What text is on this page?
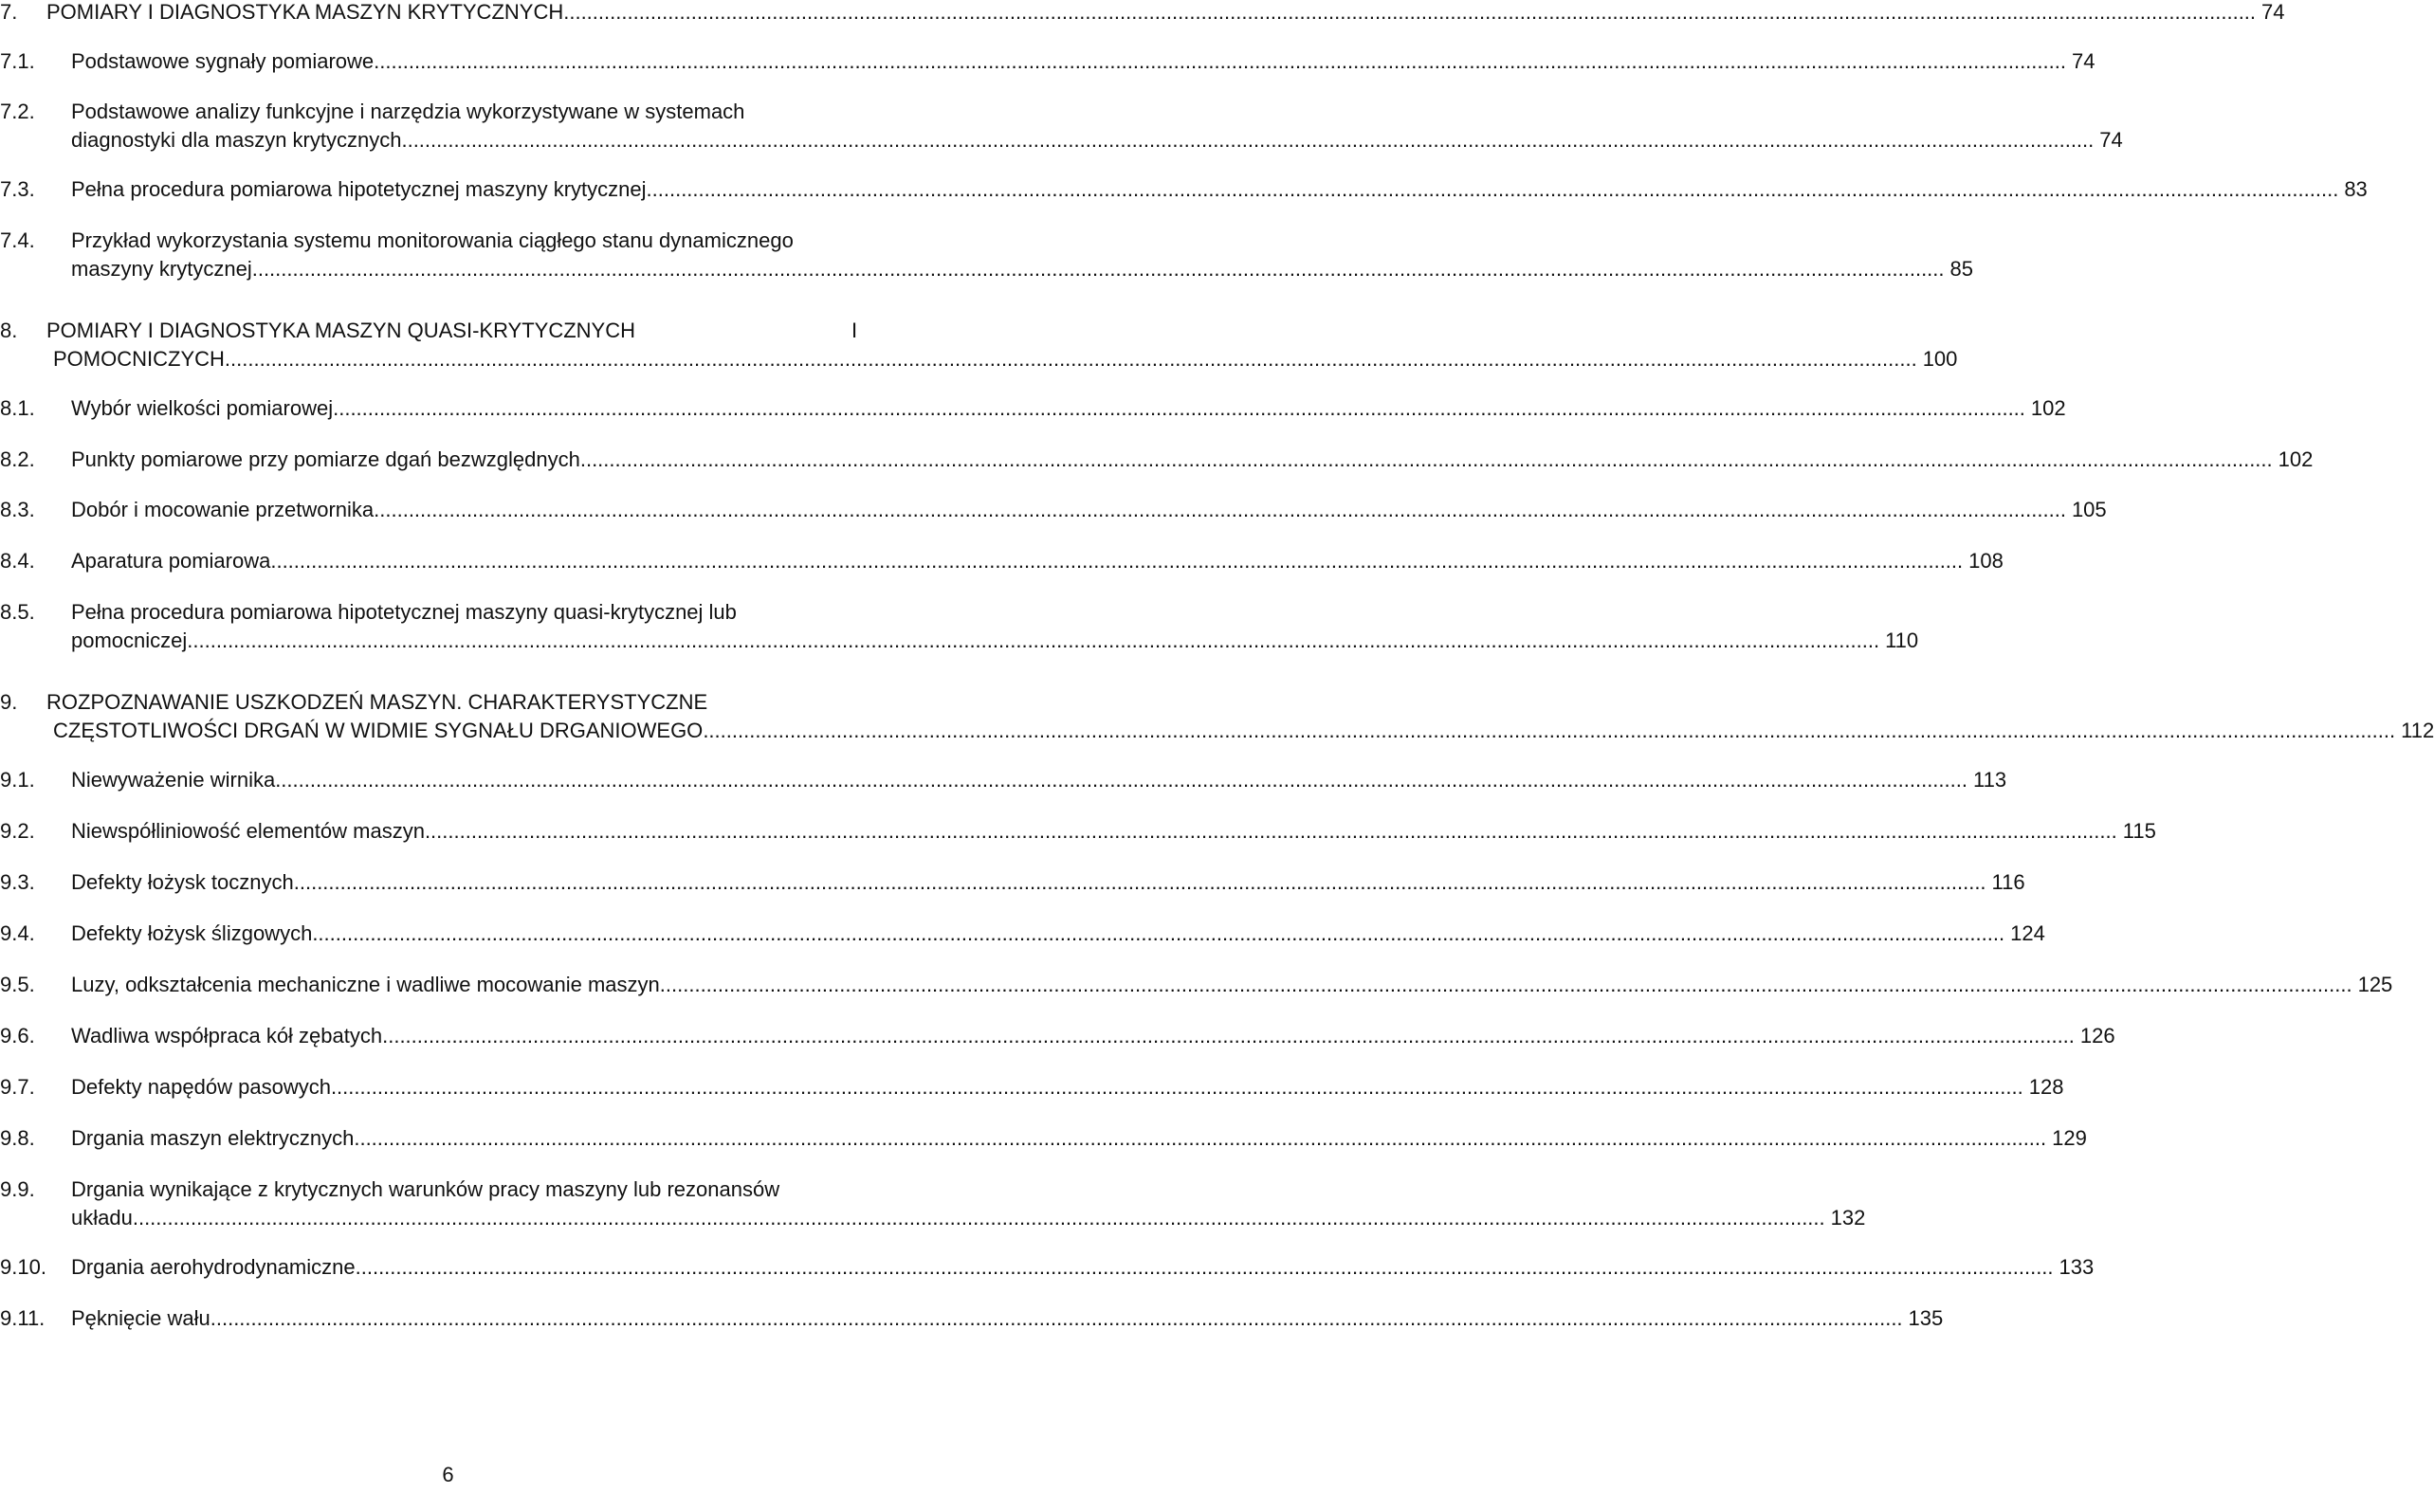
7.	POMIARY I DIAGNOSTYKA MASZYN KRYTYCZNYCH .....	74
7.1.	Podstawowe sygnały pomiarowe .....	74
7.2.	Podstawowe analizy funkcyjne i narzędzia wykorzystywane w systemach
diagnostyki dla maszyn krytycznych .....	74
7.3.	Pełna procedura pomiarowa hipotetycznej maszyny krytycznej .....	83
7.4.	Przykład wykorzystania systemu monitorowania ciągłego stanu dynamicznego
maszyny krytycznej .....	85
8.	POMIARY I DIAGNOSTYKA MASZYN QUASI-KRYTYCZNYCH	I
POMOCNICZYCH .....	100
8.1.	Wybór wielkości pomiarowej .....	102
8.2.	Punkty pomiarowe przy pomiarze dgań bezwzględnych .....	102
8.3.	Dobór i mocowanie przetwornika .....	105
8.4.	Aparatura pomiarowa .....	108
8.5.	Pełna procedura pomiarowa hipotetycznej maszyny quasi-krytycznej lub
pomocniczej .....	110
9.	ROZPOZNAWANIE USZKODZEŃ MASZYN. CHARAKTERYSTYCZNE
CZĘSTOTLIWOŚCI DRGAŃ W WIDMIE SYGNAŁU DRGANIOWEGO .....	112
9.1.	Niewyważenie wirnika .....	113
9.2.	Niewspółliniowość elementów maszyn .....	115
9.3.	Defekty łożysk tocznych .....	116
9.4.	Defekty łożysk ślizgowych .....	124
9.5.	Luzy, odkształcenia mechaniczne i wadliwe mocowanie maszyn .....	125
9.6.	Wadliwa współpraca kół zębatych .....	126
9.7.	Defekty napędów pasowych .....	128
9.8.	Drgania maszyn elektrycznych .....	129
9.9.	Drgania wynikające z krytycznych warunków pracy maszyny lub rezonansów
układu .....	132
9.10.	Drgania aerohydrodynamiczne. .....	133
9.11.	Pęknięcie wału .....	135
6
